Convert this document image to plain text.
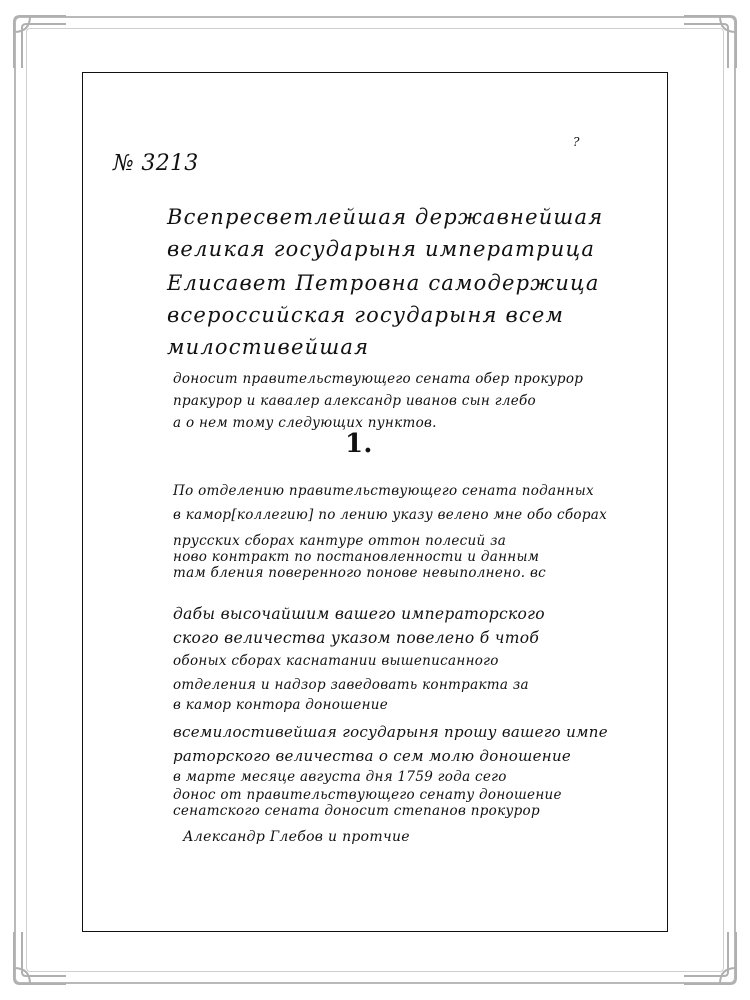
№ 3213
?
Всепресветлейшая державнейшая
великая государыня императрица
Елисавет Петровна самодержица
всероссийская государыня всем
милостивейшая
доносит правительствующего сената обер прокурор
пракурор и кавалер александр иванов сын глебо
а о нем тому следующих пунктов.
1.
По отделению правительствующего сената поданных
в камор[коллегию] по лению указу велено мне обо сборах
прусских сборах кантуре оттон полесий за
ново контракт по постановленности и данным
там бления поверенного понове невыполнено. вс
дабы высочайшим вашего императорского
ского величества указом повелено б чтоб
обоных сборах каснатании вышеписанного
отделения и надзор заведовать контракта за
в камор контора доношение
всемилостивейшая государыня прошу вашего импе
раторского величества о сем молю доношение
в марте месяце августа дня 1759 года сего
донос от правительствующего сенату доношение
сенатского сената доносит степанов прокурор
Александр Глебов и протчие
